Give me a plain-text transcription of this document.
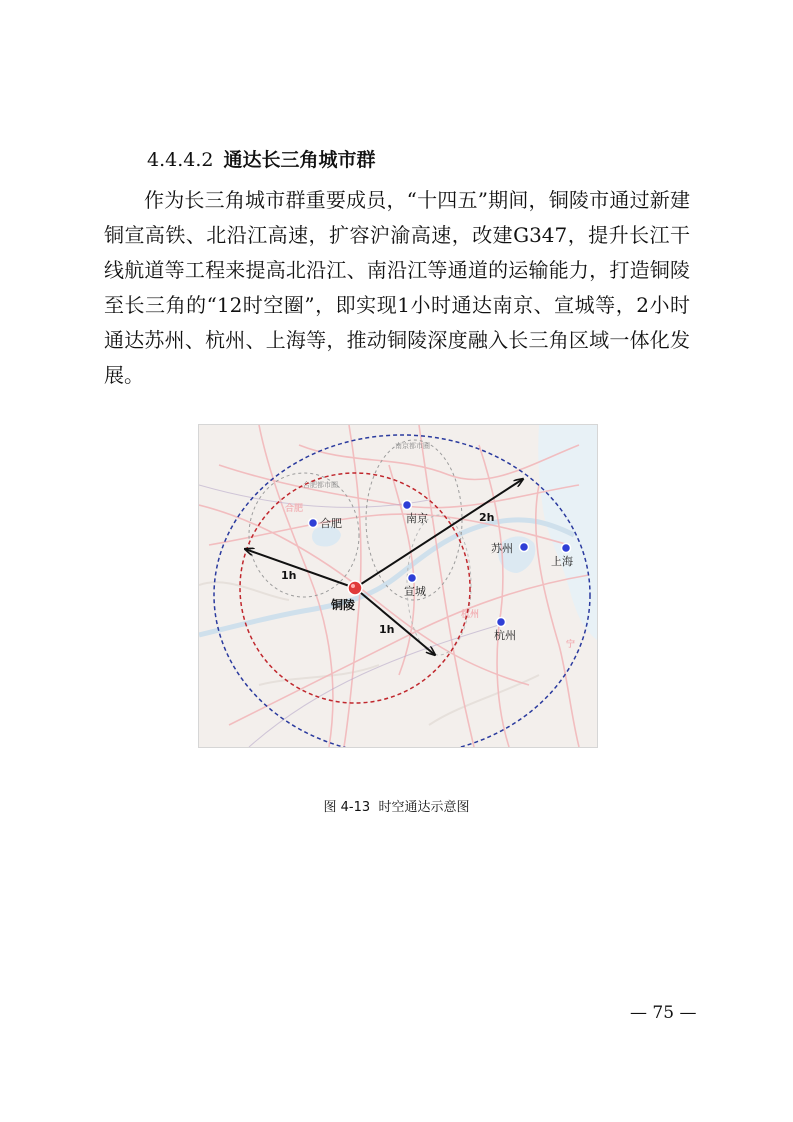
4.4.4.2 通达长三角城市群

作为长三角城市群重要成员，“十四五”期间，铜陵市通过新建铜宣高铁、北沿江高速，扩容沪渝高速，改建G347，提升长江干线航道等工程来提高北沿江、南沿江等通道的运输能力，打造铜陵至长三角的“12时空圈”，即实现1小时通达南京、宣城等，2小时通达苏州、杭州、上海等，推动铜陵深度融入长三角区域一体化发展。

南京都市圈
合肥都市圈
合肥
杭州
宁
1h
2h
1h
合肥	南京
宣城
苏州
上海
杭州
铜陵
图 4-13 时空通达示意图
— 75 —
